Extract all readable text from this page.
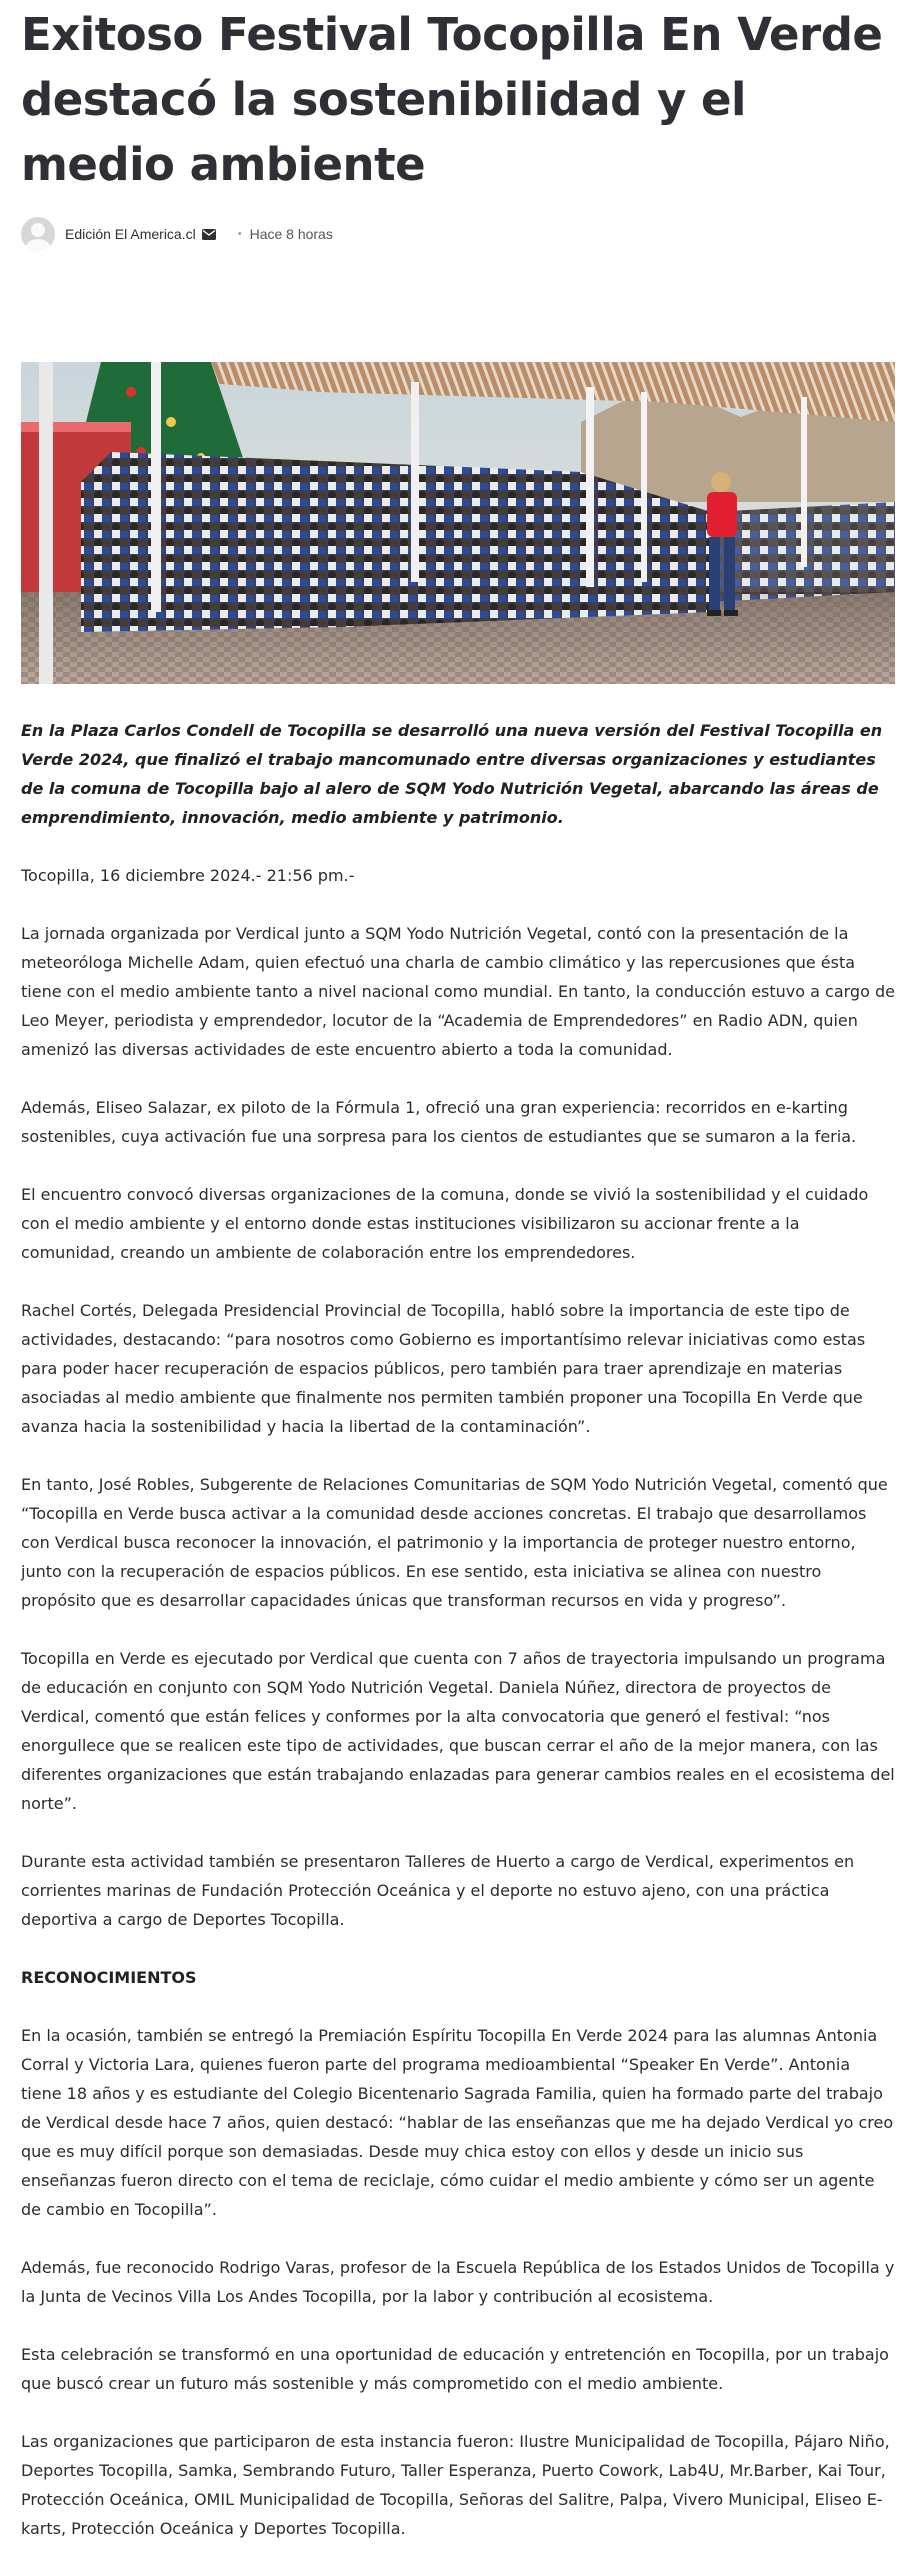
Exitoso Festival Tocopilla En Verde destacó la sostenibilidad y el medio ambiente
Edición El America.cl	• Hace 8 horas

En la Plaza Carlos Condell de Tocopilla se desarrolló una nueva versión del Festival Tocopilla en Verde 2024, que finalizó el trabajo mancomunado entre diversas organizaciones y estudiantes de la comuna de Tocopilla bajo al alero de SQM Yodo Nutrición Vegetal, abarcando las áreas de emprendimiento, innovación, medio ambiente y patrimonio.

Tocopilla, 16 diciembre 2024.- 21:56 pm.-

La jornada organizada por Verdical junto a SQM Yodo Nutrición Vegetal, contó con la presentación de la meteoróloga Michelle Adam, quien efectuó una charla de cambio climático y las repercusiones que ésta tiene con el medio ambiente tanto a nivel nacional como mundial. En tanto, la conducción estuvo a cargo de Leo Meyer, periodista y emprendedor, locutor de la “Academia de Emprendedores” en Radio ADN, quien amenizó las diversas actividades de este encuentro abierto a toda la comunidad.

Además, Eliseo Salazar, ex piloto de la Fórmula 1, ofreció una gran experiencia: recorridos en e-karting sostenibles, cuya activación fue una sorpresa para los cientos de estudiantes que se sumaron a la feria.

El encuentro convocó diversas organizaciones de la comuna, donde se vivió la sostenibilidad y el cuidado con el medio ambiente y el entorno donde estas instituciones visibilizaron su accionar frente a la comunidad, creando un ambiente de colaboración entre los emprendedores.

Rachel Cortés, Delegada Presidencial Provincial de Tocopilla, habló sobre la importancia de este tipo de actividades, destacando: “para nosotros como Gobierno es importantísimo relevar iniciativas como estas para poder hacer recuperación de espacios públicos, pero también para traer aprendizaje en materias asociadas al medio ambiente que finalmente nos permiten también proponer una Tocopilla En Verde que avanza hacia la sostenibilidad y hacia la libertad de la contaminación”.

En tanto, José Robles, Subgerente de Relaciones Comunitarias de SQM Yodo Nutrición Vegetal, comentó que “Tocopilla en Verde busca activar a la comunidad desde acciones concretas. El trabajo que desarrollamos con Verdical busca reconocer la innovación, el patrimonio y la importancia de proteger nuestro entorno, junto con la recuperación de espacios públicos. En ese sentido, esta iniciativa se alinea con nuestro propósito que es desarrollar capacidades únicas que transforman recursos en vida y progreso”.

Tocopilla en Verde es ejecutado por Verdical que cuenta con 7 años de trayectoria impulsando un programa de educación en conjunto con SQM Yodo Nutrición Vegetal. Daniela Núñez, directora de proyectos de Verdical, comentó que están felices y conformes por la alta convocatoria que generó el festival: “nos enorgullece que se realicen este tipo de actividades, que buscan cerrar el año de la mejor manera, con las diferentes organizaciones que están trabajando enlazadas para generar cambios reales en el ecosistema del norte”.

Durante esta actividad también se presentaron Talleres de Huerto a cargo de Verdical, experimentos en corrientes marinas de Fundación Protección Oceánica y el deporte no estuvo ajeno, con una práctica deportiva a cargo de Deportes Tocopilla.

RECONOCIMIENTOS

En la ocasión, también se entregó la Premiación Espíritu Tocopilla En Verde 2024 para las alumnas Antonia Corral y Victoria Lara, quienes fueron parte del programa medioambiental “Speaker En Verde”. Antonia tiene 18 años y es estudiante del Colegio Bicentenario Sagrada Familia, quien ha formado parte del trabajo de Verdical desde hace 7 años, quien destacó: “hablar de las enseñanzas que me ha dejado Verdical yo creo que es muy difícil porque son demasiadas. Desde muy chica estoy con ellos y desde un inicio sus enseñanzas fueron directo con el tema de reciclaje, cómo cuidar el medio ambiente y cómo ser un agente de cambio en Tocopilla”.

Además, fue reconocido Rodrigo Varas, profesor de la Escuela República de los Estados Unidos de Tocopilla y la Junta de Vecinos Villa Los Andes Tocopilla, por la labor y contribución al ecosistema.

Esta celebración se transformó en una oportunidad de educación y entretención en Tocopilla, por un trabajo que buscó crear un futuro más sostenible y más comprometido con el medio ambiente.

Las organizaciones que participaron de esta instancia fueron: Ilustre Municipalidad de Tocopilla, Pájaro Niño, Deportes Tocopilla, Samka, Sembrando Futuro, Taller Esperanza, Puerto Cowork, Lab4U, Mr.Barber, Kai Tour, Protección Oceánica, OMIL Municipalidad de Tocopilla, Señoras del Salitre, Palpa, Vivero Municipal, Eliseo E-karts, Protección Oceánica y Deportes Tocopilla.
